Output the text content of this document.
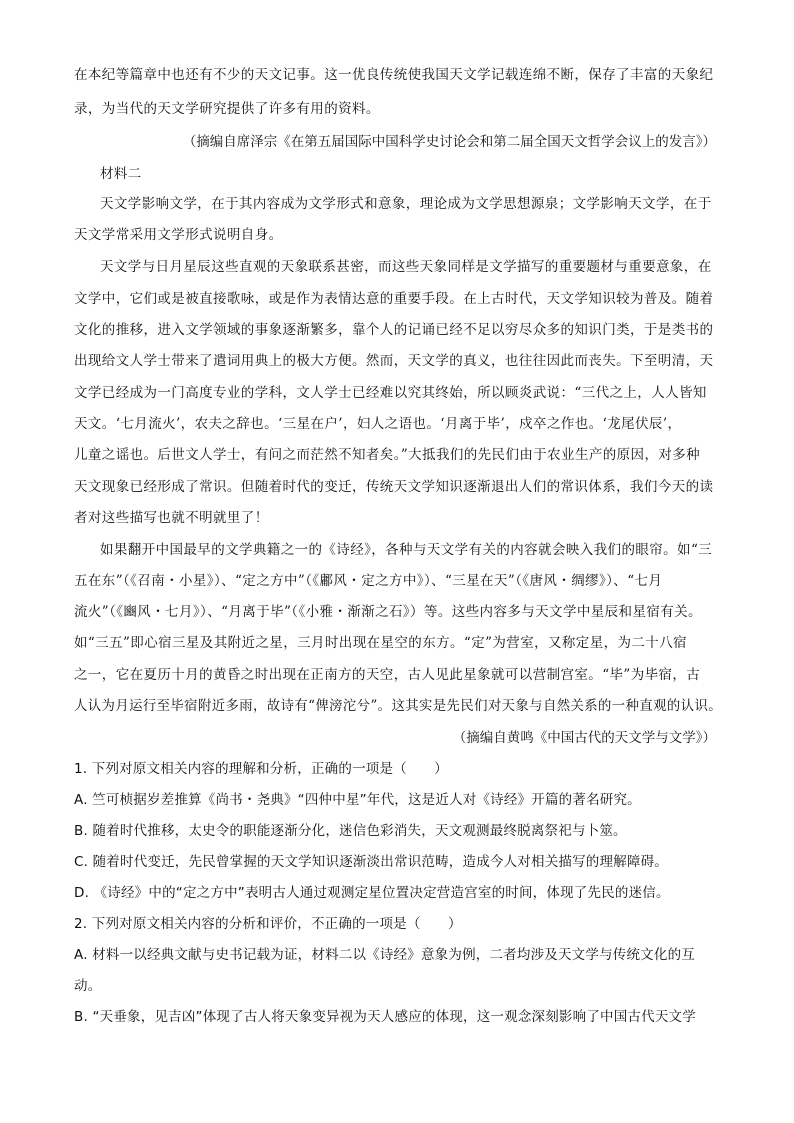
在本纪等篇章中也还有不少的天文记事。这一优良传统使我国天文学记载连绵不断，保存了丰富的天象纪
录，为当代的天文学研究提供了许多有用的资料。
（摘编自席泽宗《在第五届国际中国科学史讨论会和第二届全国天文哲学会议上的发言》）
材料二
天文学影响文学，在于其内容成为文学形式和意象，理论成为文学思想源泉；文学影响天文学，在于
天文学常采用文学形式说明自身。
天文学与日月星辰这些直观的天象联系甚密，而这些天象同样是文学描写的重要题材与重要意象，在
文学中，它们或是被直接歌咏，或是作为表情达意的重要手段。在上古时代，天文学知识较为普及。随着
文化的推移，进入文学领域的事象逐渐繁多，靠个人的记诵已经不足以穷尽众多的知识门类，于是类书的
出现给文人学士带来了遣词用典上的极大方便。然而，天文学的真义，也往往因此而丧失。下至明清，天
文学已经成为一门高度专业的学科，文人学士已经难以究其终始，所以顾炎武说：“三代之上，人人皆知
天文。‘七月流火’，农夫之辞也。‘三星在户’，妇人之语也。‘月离于毕’，戍卒之作也。‘龙尾伏辰’，
儿童之谣也。后世文人学士，有问之而茫然不知者矣。”大抵我们的先民们由于农业生产的原因，对多种
天文现象已经形成了常识。但随着时代的变迁，传统天文学知识逐渐退出人们的常识体系，我们今天的读
者对这些描写也就不明就里了！
如果翻开中国最早的文学典籍之一的《诗经》，各种与天文学有关的内容就会映入我们的眼帘。如“三
五在东”（《召南・小星》）、“定之方中”（《鄘风・定之方中》）、“三星在天”（《唐风・绸缪》）、“七月
流火”（《豳风・七月》）、“月离于毕”（《小雅・渐渐之石》）等。这些内容多与天文学中星辰和星宿有关。
如“三五”即心宿三星及其附近之星，三月时出现在星空的东方。“定”为营室，又称定星，为二十八宿
之一，它在夏历十月的黄昏之时出现在正南方的天空，古人见此星象就可以营制宫室。“毕”为毕宿，古
人认为月运行至毕宿附近多雨，故诗有“俾滂沱兮”。这其实是先民们对天象与自然关系的一种直观的认识。
（摘编自黄鸣《中国古代的天文学与文学》）
1. 下列对原文相关内容的理解和分析，正确的一项是（　　）
A. 竺可桢据岁差推算《尚书・尧典》“四仲中星”年代，这是近人对《诗经》开篇的著名研究。
B. 随着时代推移，太史令的职能逐渐分化，迷信色彩消失，天文观测最终脱离祭祀与卜筮。
C. 随着时代变迁，先民曾掌握的天文学知识逐渐淡出常识范畴，造成今人对相关描写的理解障碍。
D. 《诗经》中的“定之方中”表明古人通过观测定星位置决定营造宫室的时间，体现了先民的迷信。
2. 下列对原文相关内容的分析和评价，不正确的一项是（　　）
A. 材料一以经典文献与史书记载为证，材料二以《诗经》意象为例，二者均涉及天文学与传统文化的互
动。
B. “天垂象，见吉凶”体现了古人将天象变异视为天人感应的体现，这一观念深刻影响了中国古代天文学
